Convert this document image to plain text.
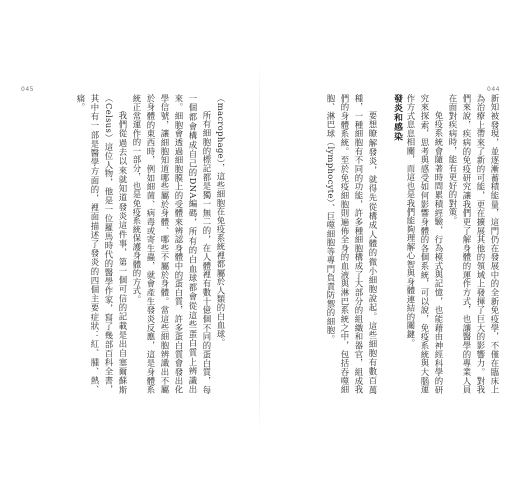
045	044

（macrophage），這些細胞在免疫系統裡都屬於人類的白血球。

所有細胞的標記都是獨一無二的，在人體裡有數十億個不同的蛋白質，每一個都會構成自己的DNA編碼，所有的白血球都會從這些蛋白質上辨識出來。細胞會透過細胞膜上的受體來辨認身體中的蛋白質，許多蛋白質會發出化學信號，讓細胞知道哪些屬於身體、哪些不屬於身體。當這些細胞辨識出不屬於身體的東西時，例如細菌、病毒或寄生蟲，就會產生發炎反應，這是身體系統正常運作的一部分，也是免疫系統保護身體的方式。

我們從過去以來就知道發炎這件事，第一個可信的記載是出自塞爾蘇斯（Celsus）這位人物，他是一位羅馬時代的醫學作家，寫了幾部百科全書，其中有一部是醫學方面的，裡面描述了發炎的四個主要症狀：紅、腫、熱、痛。	新知被發現，並逐漸蓄積能量，這門仍在發展中的全新免疫學，不僅在臨床上為治療上帶來了新的可能，更在擴展其他的領域上發揮了巨大的影響力。對我們來說，疾病的免疫研究讓我們更了解身體的運作方式，也讓醫學的專業人員在面對疾病時，能有更好的對策。

免疫系統會隨著時間累積經驗，行為模式與記憶，也能藉由神經科學的研究來探索，思考與感受如何影響身體的各個系統，可以說，免疫系統與大腦運作方式息息相關，而這也是我們能夠理解心智與身體連結的關鍵。

發炎和感染

要想瞭解發炎，就得先從構成人體的微小細胞說起。這些細胞有數百萬種，一種細胞有不同的功能，許多種細胞構成了大部分的組織和器官，組成我們的身體系統。至於免疫細胞則遍佈全身的血液與淋巴系統之中，包括吞噬細胞、淋巴球（lymphocyte）、巨噬細胞等專門負責防禦的細胞。
